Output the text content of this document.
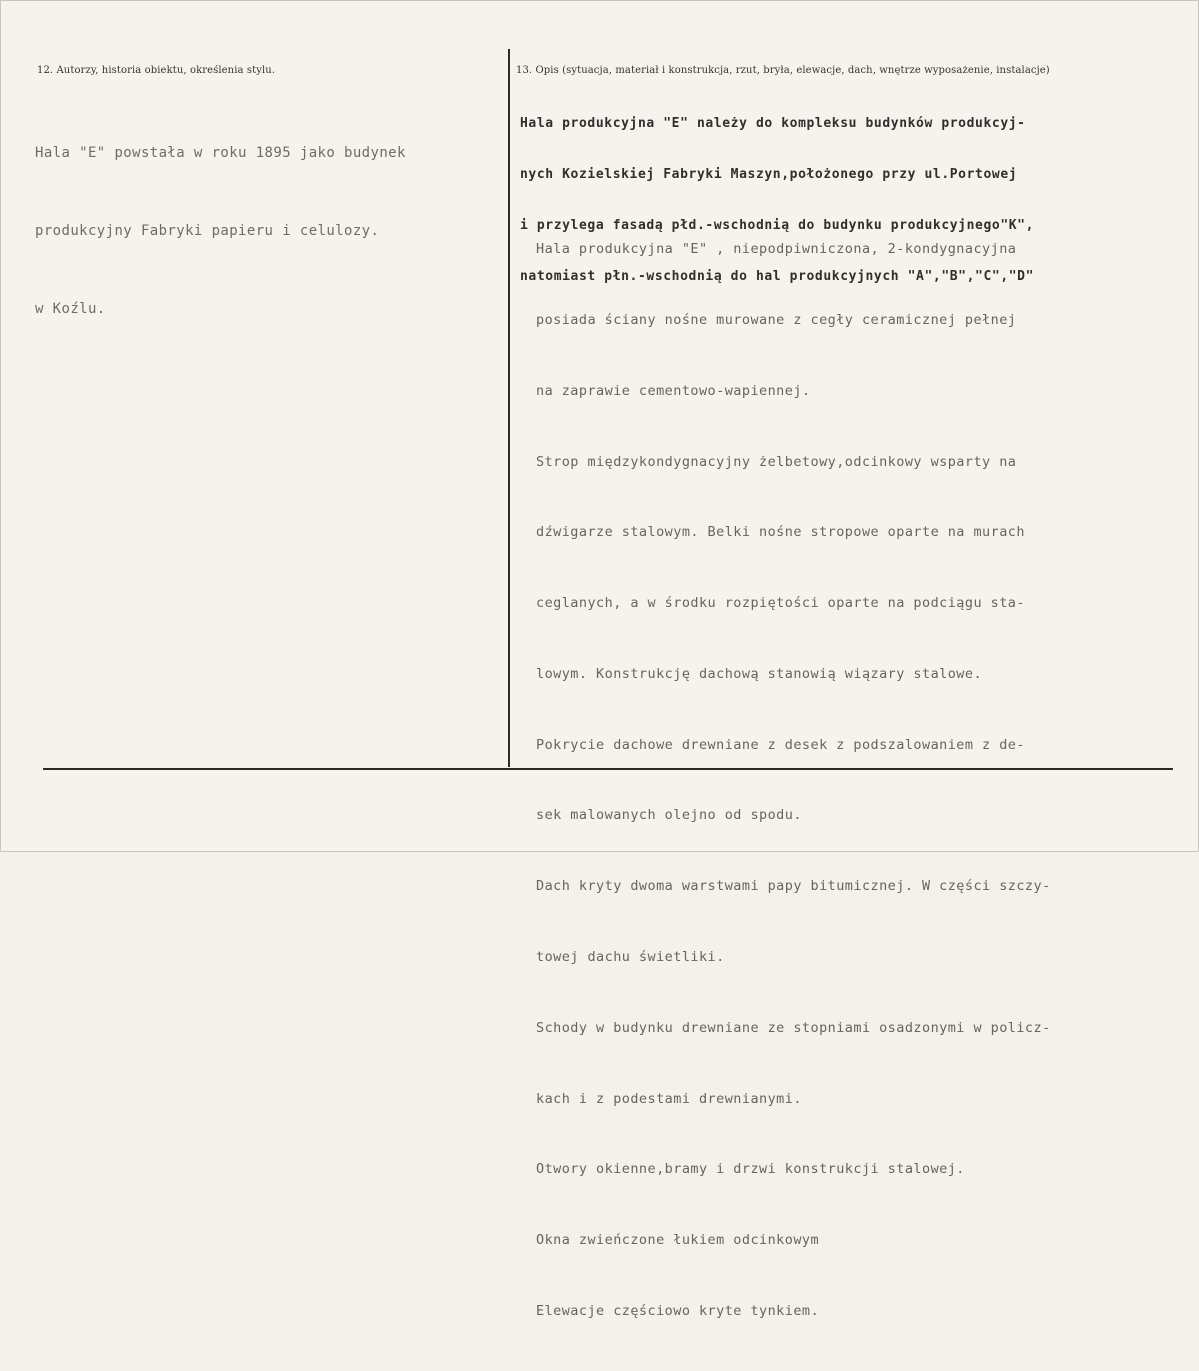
12. Autorzy, historia obiektu, określenia stylu.

Hala "E" powstała w roku 1895 jako budynek

produkcyjny Fabryki papieru i celulozy.

w Koźlu.

13. Opis (sytuacja, materiał i konstrukcja, rzut, bryła, elewacje, dach, wnętrze wyposażenie, instalacje)

Hala produkcyjna "E" należy do kompleksu budynków produkcyj-

nych Kozielskiej Fabryki Maszyn,położonego przy ul.Portowej

i przylega fasadą płd.-wschodnią do budynku produkcyjnego"K",

natomiast płn.-wschodnią do hal produkcyjnych "A","B","C","D"

Hala produkcyjna "E" , niepodpiwniczona, 2-kondygnacyjna

posiada ściany nośne murowane z cegły ceramicznej pełnej

na zaprawie cementowo-wapiennej.

Strop międzykondygnacyjny żelbetowy,odcinkowy wsparty na

dźwigarze stalowym. Belki nośne stropowe oparte na murach

ceglanych, a w środku rozpiętości oparte na podciągu sta-

lowym. Konstrukcję dachową stanowią wiązary stalowe.

Pokrycie dachowe drewniane z desek z podszalowaniem z de-

sek malowanych olejno od spodu.

Dach kryty dwoma warstwami papy bitumicznej. W części szczy-

towej dachu świetliki.

Schody w budynku drewniane ze stopniami osadzonymi w policz-

kach i z podestami drewnianymi.

Otwory okienne,bramy i drzwi konstrukcji stalowej.

Okna zwieńczone łukiem odcinkowym

Elewacje częściowo kryte tynkiem.
